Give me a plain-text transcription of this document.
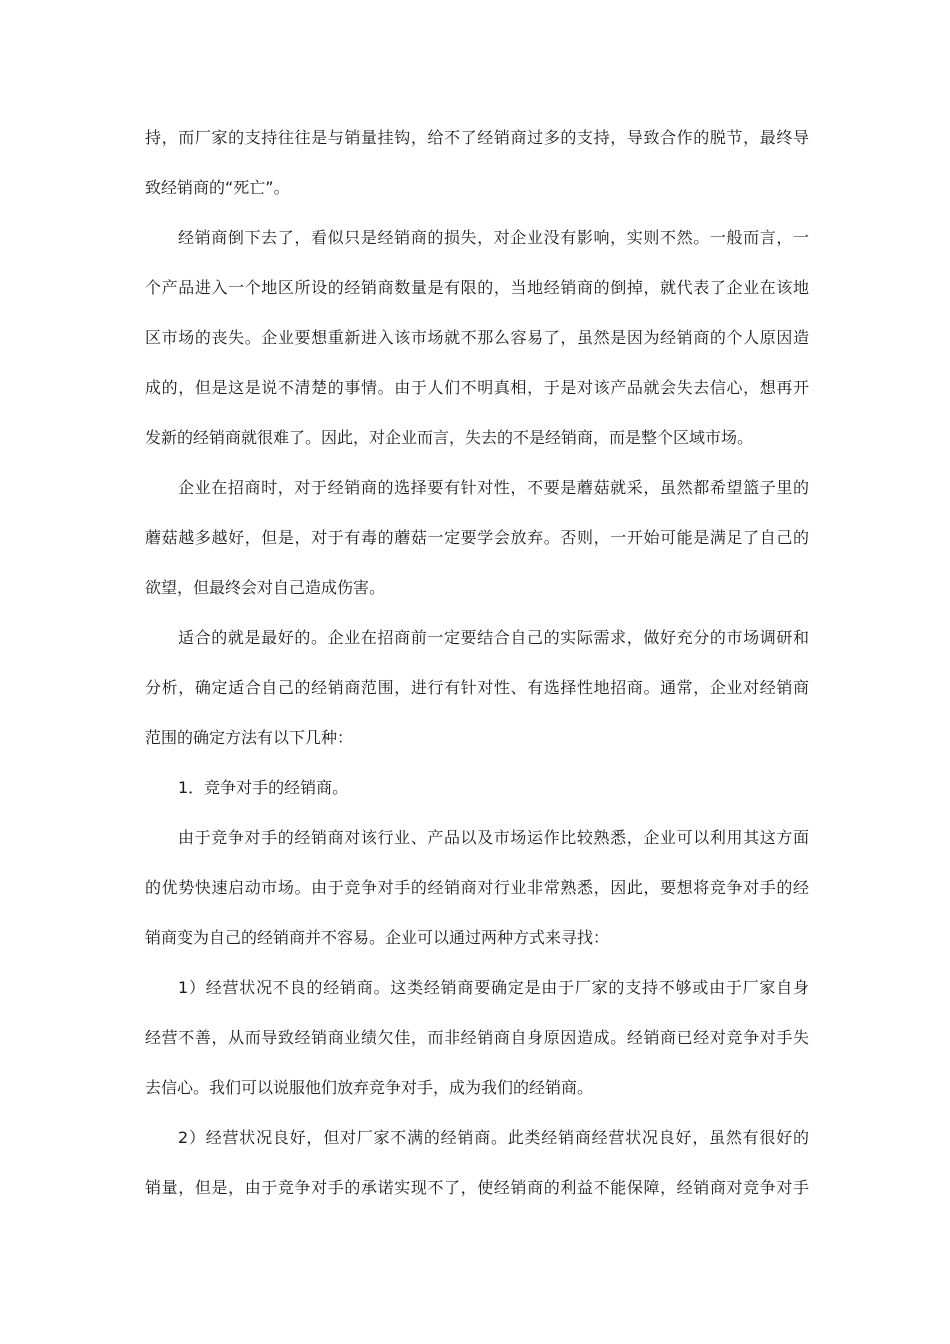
持，而厂家的支持往往是与销量挂钩，给不了经销商过多的支持，导致合作的脱节，最终导
致经销商的“死亡”。
经销商倒下去了，看似只是经销商的损失，对企业没有影响，实则不然。一般而言，一
个产品进入一个地区所设的经销商数量是有限的，当地经销商的倒掉，就代表了企业在该地
区市场的丧失。企业要想重新进入该市场就不那么容易了，虽然是因为经销商的个人原因造
成的，但是这是说不清楚的事情。由于人们不明真相，于是对该产品就会失去信心，想再开
发新的经销商就很难了。因此，对企业而言，失去的不是经销商，而是整个区域市场。
企业在招商时，对于经销商的选择要有针对性，不要是蘑菇就采，虽然都希望篮子里的
蘑菇越多越好，但是，对于有毒的蘑菇一定要学会放弃。否则，一开始可能是满足了自己的
欲望，但最终会对自己造成伤害。
适合的就是最好的。企业在招商前一定要结合自己的实际需求，做好充分的市场调研和
分析，确定适合自己的经销商范围，进行有针对性、有选择性地招商。通常，企业对经销商
范围的确定方法有以下几种：
1．竞争对手的经销商。
由于竞争对手的经销商对该行业、产品以及市场运作比较熟悉，企业可以利用其这方面
的优势快速启动市场。由于竞争对手的经销商对行业非常熟悉，因此，要想将竞争对手的经
销商变为自己的经销商并不容易。企业可以通过两种方式来寻找：
1）经营状况不良的经销商。这类经销商要确定是由于厂家的支持不够或由于厂家自身
经营不善，从而导致经销商业绩欠佳，而非经销商自身原因造成。经销商已经对竞争对手失
去信心。我们可以说服他们放弃竞争对手，成为我们的经销商。
2）经营状况良好，但对厂家不满的经销商。此类经销商经营状况良好，虽然有很好的
销量，但是，由于竞争对手的承诺实现不了，使经销商的利益不能保障，经销商对竞争对手
